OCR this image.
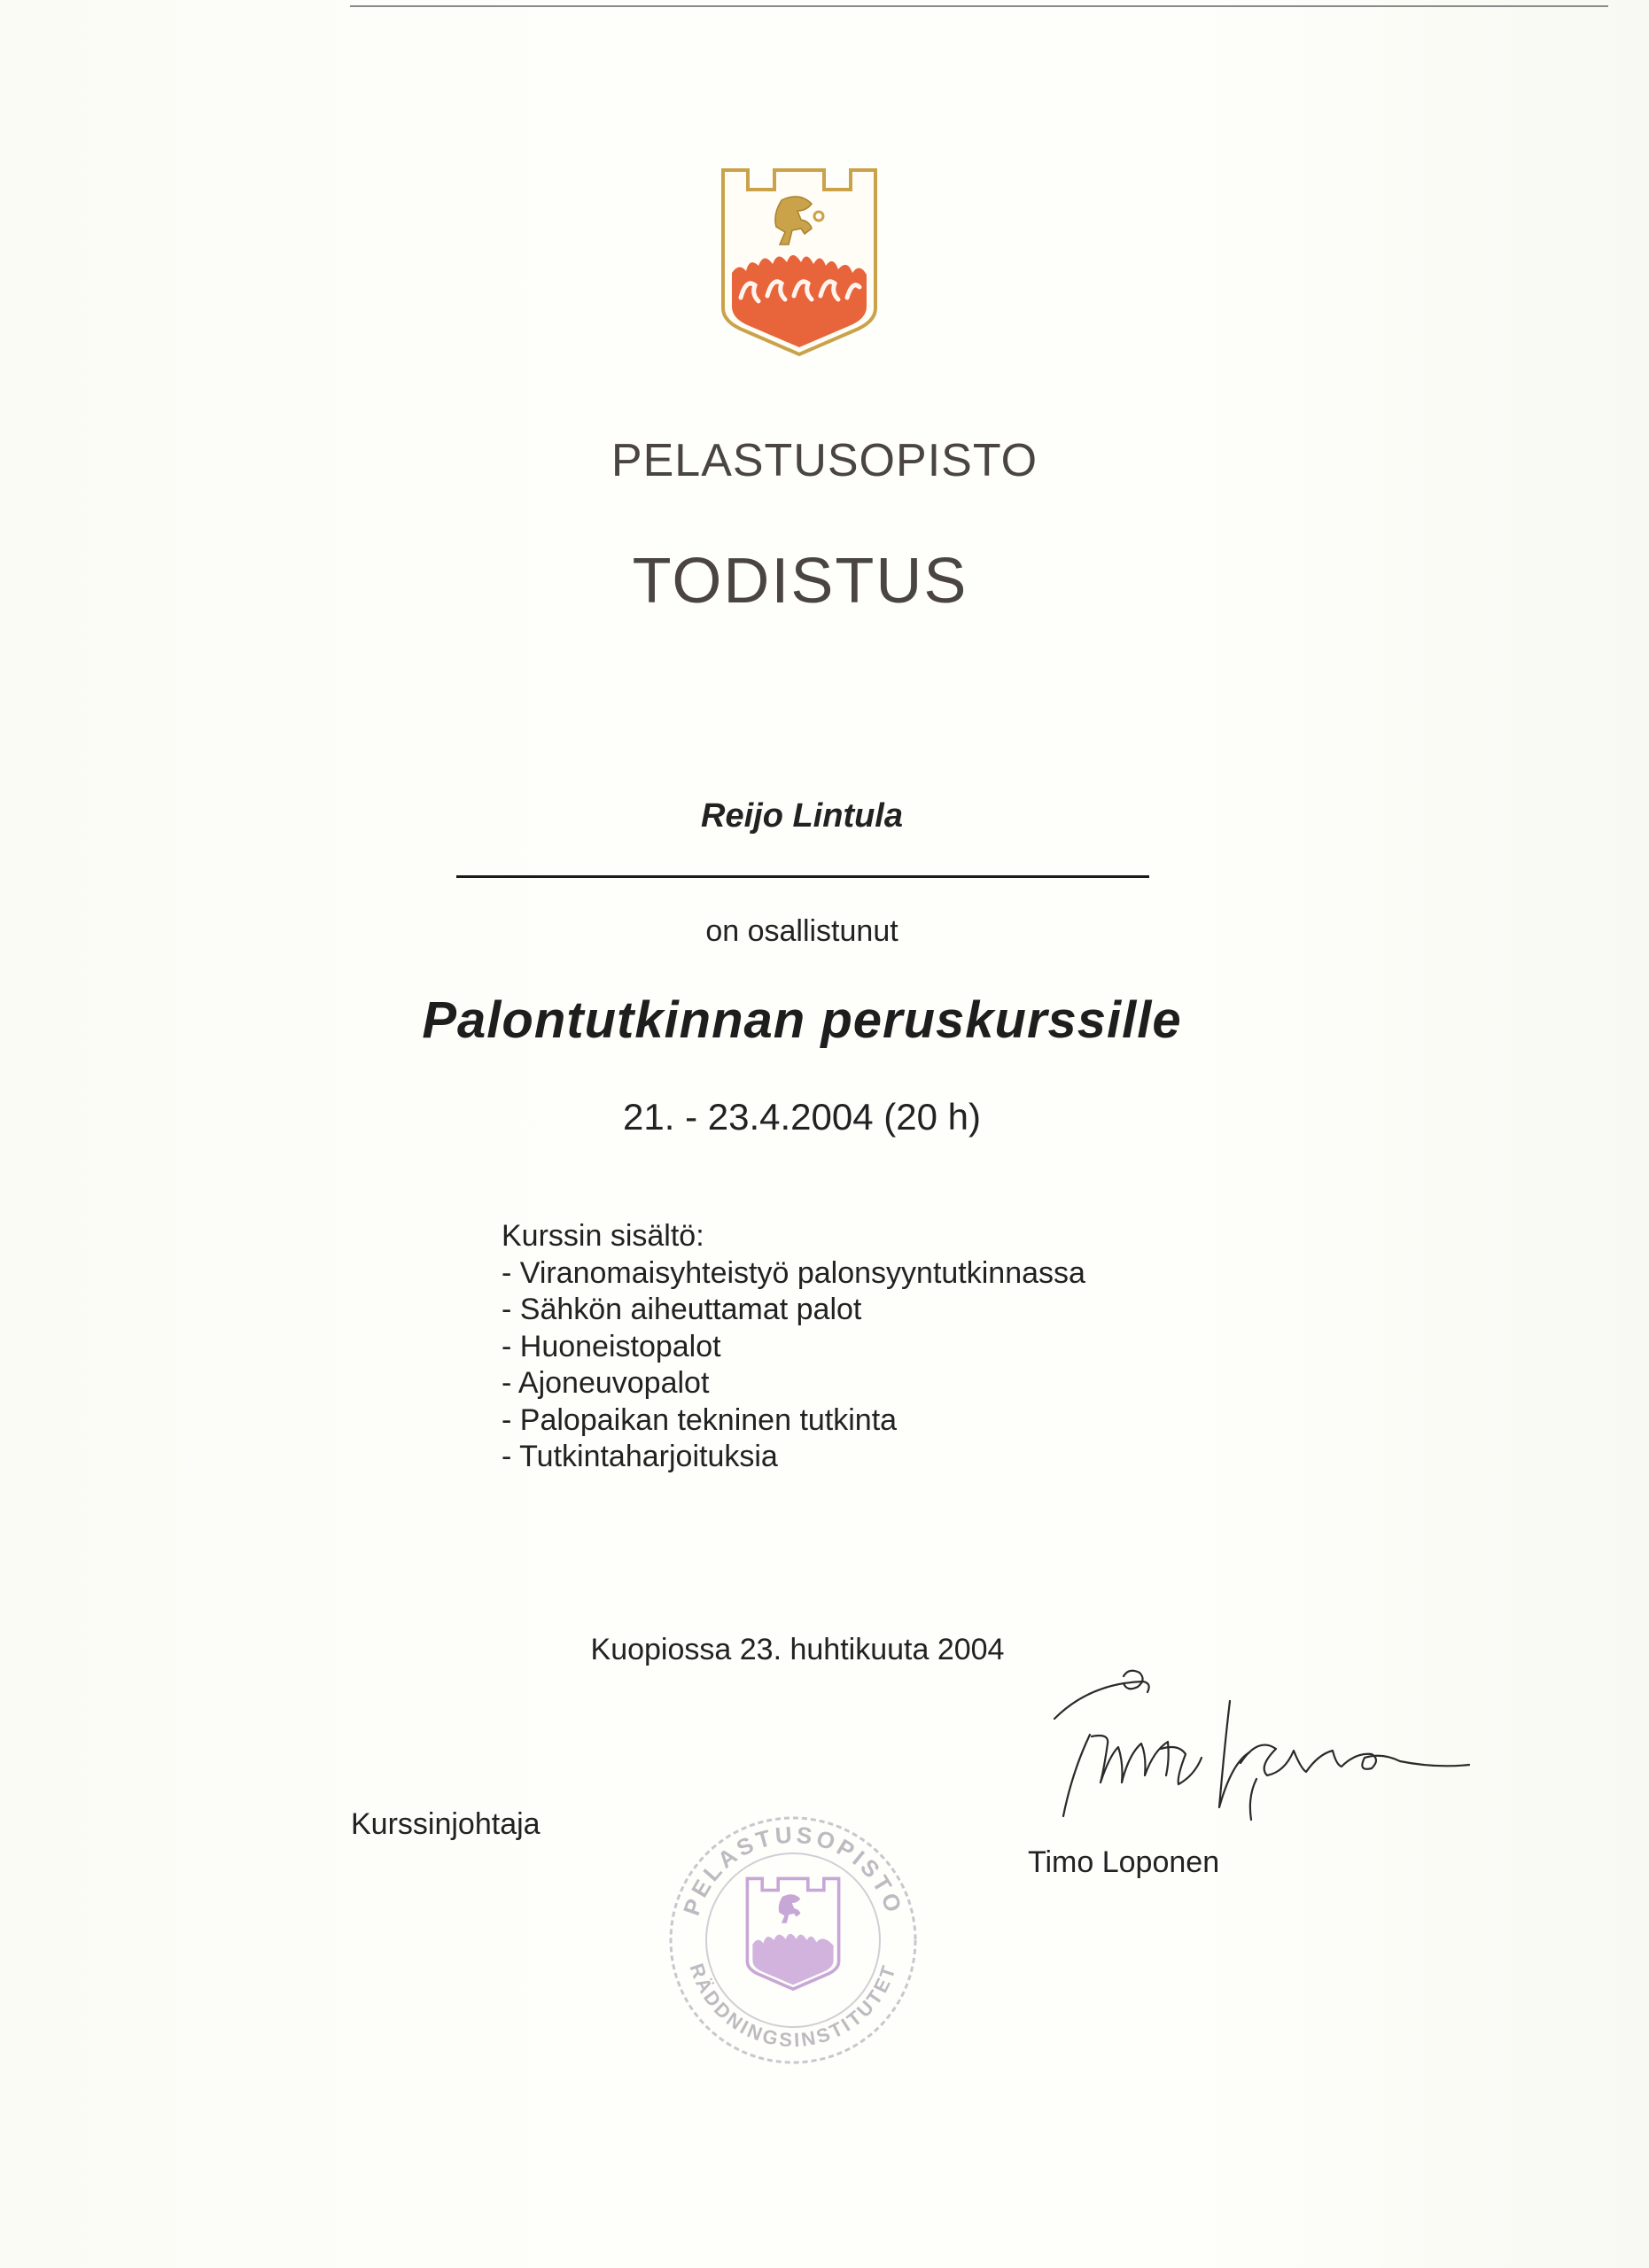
PELASTUSOPISTO
TODISTUS
Reijo Lintula
on osallistunut
Palontutkinnan peruskurssille
21. - 23.4.2004 (20 h)
Kurssin sisältö:
- Viranomaisyhteistyö palonsyyntutkinnassa
- Sähkön aiheuttamat palot
- Huoneistopalot
- Ajoneuvopalot
- Palopaikan tekninen tutkinta
- Tutkintaharjoituksia
Kuopiossa 23. huhtikuuta 2004
Kurssinjohtaja
Timo Loponen
PELASTUSOPISTO
RÄDDNINGSINSTITUTET
